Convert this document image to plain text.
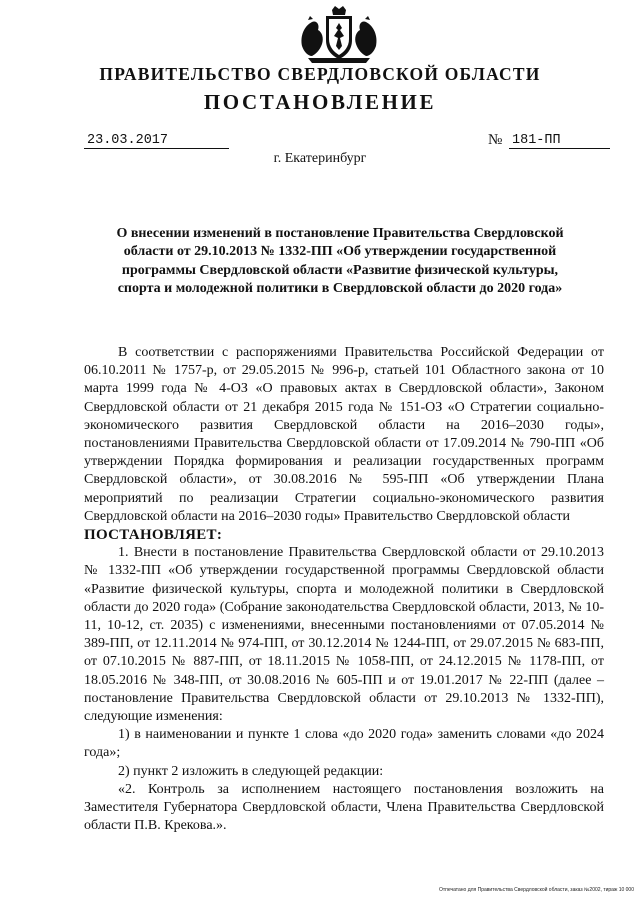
ПРАВИТЕЛЬСТВО СВЕРДЛОВСКОЙ ОБЛАСТИ
ПОСТАНОВЛЕНИЕ
23.03.2017	№ 181-ПП
г. Екатеринбург
О внесении изменений в постановление Правительства Свердловской области от 29.10.2013 № 1332-ПП «Об утверждении государственной программы Свердловской области «Развитие физической культуры, спорта и молодежной политики в Свердловской области до 2020 года»

В соответствии с распоряжениями Правительства Российской Федерации от 06.10.2011 № 1757-р, от 29.05.2015 № 996-р, статьей 101 Областного закона от 10 марта 1999 года № 4-ОЗ «О правовых актах в Свердловской области», Законом Свердловской области от 21 декабря 2015 года № 151-ОЗ «О Стратегии социально-экономического развития Свердловской области на 2016–2030 годы», постановлениями Правительства Свердловской области от 17.09.2014 № 790-ПП «Об утверждении Порядка формирования и реализации государственных программ Свердловской области», от 30.08.2016 № 595-ПП «Об утверждении Плана мероприятий по реализации Стратегии социально-экономического развития Свердловской области на 2016–2030 годы» Правительство Свердловской области

ПОСТАНОВЛЯЕТ:

1. Внести в постановление Правительства Свердловской области от 29.10.2013 № 1332-ПП «Об утверждении государственной программы Свердловской области «Развитие физической культуры, спорта и молодежной политики в Свердловской области до 2020 года» (Собрание законодательства Свердловской области, 2013, № 10-11, 10-12, ст. 2035) с изменениями, внесенными постановлениями от 07.05.2014 № 389-ПП, от 12.11.2014 № 974-ПП, от 30.12.2014 № 1244-ПП, от 29.07.2015 № 683-ПП, от 07.10.2015 № 887-ПП, от 18.11.2015 № 1058-ПП, от 24.12.2015 № 1178-ПП, от 18.05.2016 № 348-ПП, от 30.08.2016 № 605-ПП и от 19.01.2017 № 22-ПП (далее – постановление Правительства Свердловской области от 29.10.2013 № 1332-ПП), следующие изменения:

1) в наименовании и пункте 1 слова «до 2020 года» заменить словами «до 2024 года»;

2) пункт 2 изложить в следующей редакции:

«2. Контроль за исполнением настоящего постановления возложить на Заместителя Губернатора Свердловской области, Члена Правительства Свердловской области П.В. Крекова.».

Отпечатано для Правительства Свердловской области, заказ №2002, тираж 10 000
